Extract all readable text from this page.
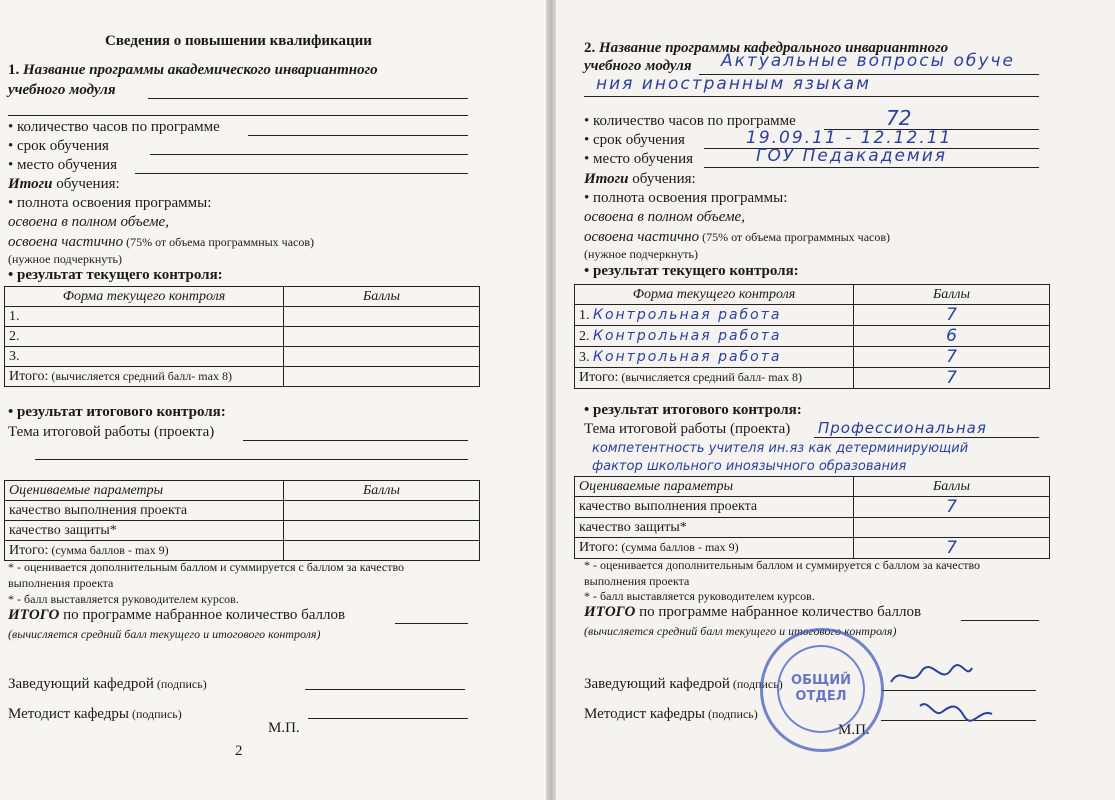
Сведения о повышении квалификации
1. Название программы академического инвариантного
учебного модуля
• количество часов по программе
• срок обучения
• место обучения
Итоги обучения:
• полнота освоения программы:
освоена в полном объеме,
освоена частично (75% от объема программных часов)
(нужное подчеркнуть)
• результат текущего контроля:
Форма текущего контроля	Баллы
1.	
2.	
3.	
Итого: (вычисляется средний балл- max 8)	
• результат итогового контроля:
Тема итоговой работы (проекта)
Оцениваемые параметры	Баллы
качество выполнения проекта	
качество защиты*	
Итого: (сумма баллов - max 9)	
* - оценивается дополнительным баллом и суммируется с баллом за качество
выполнения проекта
* - балл выставляется руководителем курсов.
ИТОГО по программе набранное количество баллов
(вычисляется средний балл текущего и итогового контроля)
Заведующий кафедрой (подпись)
Методист кафедры (подпись)
М.П.
2
2. Название программы кафедрального инвариантного
учебного модуля Актуальные вопросы обуче
ния иностранным языкам
• количество часов по программе	72
• срок обучения	19.09.11 - 12.12.11
• место обучения	ГОУ Педакадемия
Итоги обучения:
• полнота освоения программы:
освоена в полном объеме,
освоена частично (75% от объема программных часов)
(нужное подчеркнуть)
• результат текущего контроля:
Форма текущего контроля	Баллы
1. Контрольная работа	7
2. Контрольная работа	6
3. Контрольная работа	7
Итого: (вычисляется средний балл- max 8)	7
• результат итогового контроля:
Тема итоговой работы (проекта) Профессиональная
компетентность учителя ин.яз как детерминирующий
фактор школьного иноязычного образования
Оцениваемые параметры	Баллы
качество выполнения проекта	7
качество защиты*	
Итого: (сумма баллов - max 9)	7
* - оценивается дополнительным баллом и суммируется с баллом за качество
выполнения проекта
* - балл выставляется руководителем курсов.
ИТОГО по программе набранное количество баллов
(вычисляется средний балл текущего и итогового контроля)
Заведующий кафедрой (подпись)
Методист кафедры (подпись)
М.П.
ОБЩИЙ
ОТДЕЛ
